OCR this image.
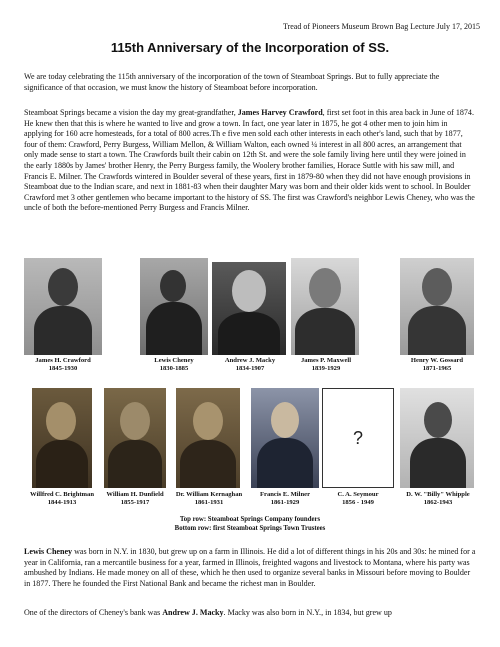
Tread of Pioneers Museum Brown Bag Lecture July 17, 2015
115th Anniversary of the Incorporation of SS.

We are today celebrating the 115th anniversary of the incorporation of the town of Steamboat Springs. But to fully appreciate the significance of that occasion, we must know the history of Steamboat before incorporation.

Steamboat Springs became a vision the day my great-grandfather, James Harvey Crawford, first set foot in this area back in June of 1874. He knew then that this is where he wanted to live and grow a town. In fact, one year later in 1875, he got 4 other men to join him in applying for 160 acre homesteads, for a total of 800 acres.Th e five men sold each other interests in each other's land, such that by 1877, four of them: Crawford, Perry Burgess, William Mellon, & William Walton, each owned ¼ interest in all 800 acres, an arrangement that only made sense to start a town. The Crawfords built their cabin on 12th St. and were the sole family living here until they were joined in the early 1880s by James' brother Henry, the Perry Burgess family, the Woolery brother families, Horace Suttle with his saw mill, and Francis E. Milner. The Crawfords wintered in Boulder several of these years, first in 1879-80 when they did not have enough provisions in Steamboat due to the Indian scare, and next in 1881-83 when their daughter Mary was born and their older kids went to school. In Boulder Crawford met 3 other gentlemen who became important to the history of SS. The first was Crawford's neighbor Lewis Cheney, who was the uncle of both the before-mentioned Perry Burgess and Francis Milner.

James H. Crawford
1845-1930
Lewis Cheney
1830-1885
Andrew J. Macky
1834-1907
James P. Maxwell
1839-1929
Henry W. Gossard
1871-1965
Willfred C. Brightman
1844-1913
William H. Dunfield
1855-1917
Dr. William Kernaghan
1861-1931
Francis E. Milner
1861-1929
?
C. A. Seymour
1856 - 1949
D. W. "Billy" Whipple
1862-1943
Top row: Steamboat Springs Company founders
Bottom row: first Steamboat Springs Town Trustees

Lewis Cheney was born in N.Y. in 1830, but grew up on a farm in Illinois. He did a lot of different things in his 20s and 30s: he mined for a year in California, ran a mercantile business for a year, farmed in Illinois, freighted wagons and livestock to Montana, where his party was ambushed by Indians. He made money on all of these, which he then used to organize several banks in Missouri before moving to Boulder in 1877. There he founded the First National Bank and became the richest man in Boulder.

One of the directors of Cheney's bank was Andrew J. Macky. Macky was also born in N.Y., in 1834, but grew up
